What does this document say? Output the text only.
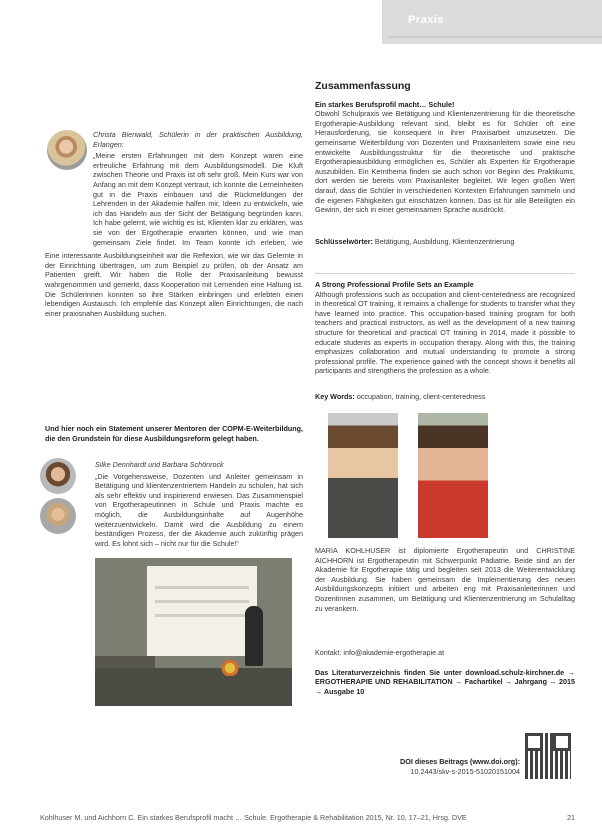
Praxis

Christa Bienwald, Schülerin in der praktischen Ausbildung, Erlangen:

„Meine ersten Erfahrungen mit dem Konzept waren eine erfreuliche Erfahrung mit dem Ausbildungsmodell. Die Kluft zwischen Theorie und Praxis ist oft sehr groß. Mein Kurs war von Anfang an mit dem Konzept vertraut, ich konnte die Lerneinheiten gut in die Praxis einbauen und die Rückmeldungen der Lehrenden in der Akademie halfen mir, Ideen zu entwickeln, wie ich das Handeln aus der Sicht der Betätigung begründen kann. Ich habe gelernt, wie wichtig es ist, Klienten klar zu erklären, was sie von der Ergotherapie erwarten können, und wie man gemeinsam Ziele findet. Im Team konnte ich erleben, wie

Eine interessante Ausbildungseinheit war die Reflexion, wie wir das Gelernte in der Einrichtung übertragen, um zum Beispiel zu prüfen, ob der Ansatz am Patienten greift. Wir haben die Rolle der Praxisanleitung bewusst wahrgenommen und gemerkt, dass Kooperation mit Lernenden eine Haltung ist. Die Schülerinnen konnten so ihre Stärken einbringen und erlebten einen lebendigen Austausch. Ich empfehle das Konzept allen Einrichtungen, die nach einer praxisnahen Ausbildung suchen.

Und hier noch ein Statement unserer Mentoren der COPM-E-Weiterbildung, die den Grundstein für diese Ausbildungsreform gelegt haben.

Silke Dennhardt und Barbara Schönrock

„Die Vorgehensweise, Dozenten und Anleiter gemeinsam in Betätigung und klientenzentriertem Handeln zu schulen, hat sich als sehr effektiv und inspirierend erwiesen. Das Zusammenspiel von Ergotherapeutinnen in Schule und Praxis machte es möglich, die Ausbildungsinhalte auf Augenhöhe weiterzuentwickeln. Damit wird die Ausbildung zu einem beständigen Prozess, der die Akademie auch zukünftig prägen wird. Es lohnt sich – nicht nur für die Schule!“

Zusammenfassung

Ein starkes Berufsprofil macht… Schule!

Obwohl Schulpraxis wie Betätigung und Klientenzentrierung für die theoretische Ergotherapie-Ausbildung relevant sind, bleibt es für Schüler oft eine Herausforderung, sie konsequent in ihrer Praxisarbeit umzusetzen. Die gemeinsame Weiterbildung von Dozenten und Praxisanleitern sowie eine neu entwickelte Ausbildungsstruktur für die theoretische und praktische Ergotherapieausbildung ermöglichen es, Schüler als Experten für Ergotherapie auszubilden. Ein Kernthema finden sie auch schon vor Beginn des Praktikums, dort werden sie bereits vom Praxisanleiter begleitet. Wir legen großen Wert darauf, dass die Schüler in verschiedenen Kontexten Erfahrungen sammeln und die eigenen Fähigkeiten gut einschätzen können. Das ist für alle Beteiligten ein Gewinn, der sich in einer gemeinsamen Sprache ausdrückt.

Schlüsselwörter: Betätigung, Ausbildung, Klientenzentrierung

A Strong Professional Profile Sets an Example

Although professions such as occupation and client-centeredness are recognized in theoretical OT training, it remains a challenge for students to transfer what they have learned into practice. This occupation-based training program for both teachers and practical instructors, as well as the development of a new training structure for theoretical and practical OT training in 2014, made it possible to educate students as experts in occupation therapy. Along with this, the training emphasizes collaboration and mutual understanding to promote a strong professional profile. The experience gained with the concept shows it benefits all participants and strengthens the profession as a whole.

Key Words: occupation, training, client-centeredness

MARIA KOHLHUSER ist diplomierte Ergotherapeutin und CHRISTINE AICHHORN ist Ergotherapeutin mit Schwerpunkt Pädiatrie. Beide sind an der Akademie für Ergotherapie tätig und begleiten seit 2013 die Weiterentwicklung der Ausbildung. Sie haben gemeinsam die Implementierung des neuen Ausbildungskonzepts initiiert und arbeiten eng mit Praxisanleiterinnen und Dozentinnen zusammen, um Betätigung und Klientenzentrierung im Schulalltag zu verankern.

Kontakt: info@akademie-ergotherapie.at

Das Literaturverzeichnis finden Sie unter download.schulz-kirchner.de → ERGOTHERAPIE UND REHABILITATION → Fachartikel → Jahrgang → 2015 → Ausgabe 10

DOI dieses Beitrags (www.doi.org):
10.2443/skv-s-2015-51020151004
Kohlhuser M. und Aichhorn C. Ein starkes Berufsprofil macht … Schule. Ergotherapie & Rehabilitation 2015, Nr. 10, 17–21, Hrsg. DVE	21
